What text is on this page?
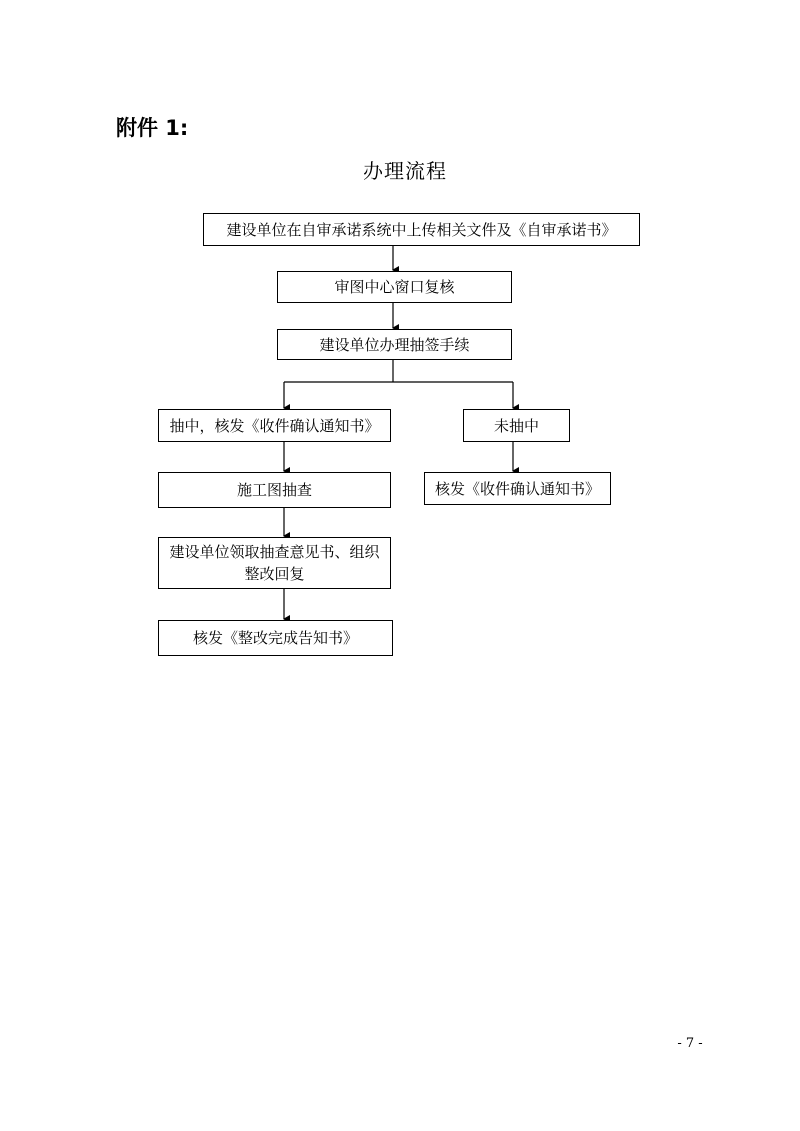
附件 1:
办理流程
建设单位在自审承诺系统中上传相关文件及《自审承诺书》
审图中心窗口复核
建设单位办理抽签手续
抽中，核发《收件确认通知书》	未抽中
施工图抽查	核发《收件确认通知书》
建设单位领取抽查意见书、组织整改回复
核发《整改完成告知书》
- 7 -
